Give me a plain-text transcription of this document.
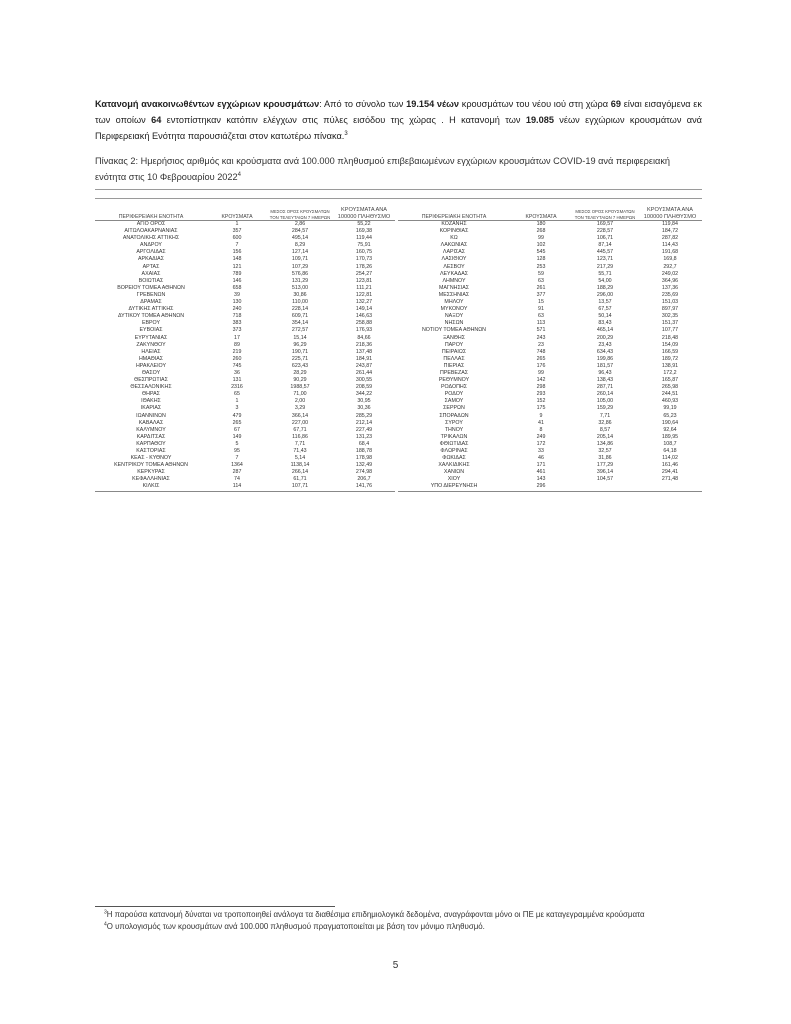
Κατανομή ανακοινωθέντων εγχώριων κρουσμάτων: Από το σύνολο των 19.154 νέων κρουσμάτων του νέου ιού στη χώρα 69 είναι εισαγόμενα εκ των οποίων 64 εντοπίστηκαν κατόπιν ελέγχων στις πύλες εισόδου της χώρας . Η κατανομή των 19.085 νέων εγχώριων κρουσμάτων ανά Περιφερειακή Ενότητα παρουσιάζεται στον κατωτέρω πίνακα.$^3$

Πίνακας 2: Ημερήσιος αριθμός και κρούσματα ανά 100.000 πληθυσμού επιβεβαιωμένων εγχώριων κρουσμάτων COVID-19 ανά περιφερειακή ενότητα στις 10 Φεβρουαρίου 2022$^4$

ΠΕΡΙΦΕΡΕΙΑΚΗ ΕΝΟΤΗΤΑ	ΚΡΟΥΣΜΑΤΑ	ΜΕΣΟΣ ΟΡΟΣ ΚΡΟΥΣΜΑΤΩΝ ΤΟΝ ΤΕΛΕΥΤΑΙΩΝ 7 ΗΜΕΡΩΝ	ΚΡΟΥΣΜΑΤΑ ΑΝΑ 100000 ΠΛΗΘΥΣΜΟ
ΑΓΙΟ ΟΡΟΣ	1	2,86	55,22
ΑΙΤΩΛΟΑΚΑΡΝΑΝΙΑΣ	357	284,57	169,38
ΑΝΑΤΟΛΙΚΗΣ ΑΤΤΙΚΗΣ	600	495,14	119,44
ΑΝΔΡΟΥ	7	8,29	75,91
ΑΡΓΟΛΙΔΑΣ	156	127,14	160,75
ΑΡΚΑΔΙΑΣ	148	109,71	170,73
ΑΡΤΑΣ	121	107,29	178,26
ΑΧΑΪΑΣ	789	576,86	254,27
ΒΟΙΩΤΙΑΣ	146	131,29	123,81
ΒΟΡΕΙΟΥ ΤΟΜΕΑ ΑΘΗΝΩΝ	658	513,00	111,21
ΓΡΕΒΕΝΩΝ	39	30,86	122,81
ΔΡΑΜΑΣ	130	110,00	132,27
ΔΥΤΙΚΗΣ ΑΤΤΙΚΗΣ	240	228,14	149,14
ΔΥΤΙΚΟΥ ΤΟΜΕΑ ΑΘΗΝΩΝ	718	609,71	146,63
ΕΒΡΟΥ	383	354,14	258,88
ΕΥΒΟΙΑΣ	373	272,57	176,93
ΕΥΡΥΤΑΝΙΑΣ	17	15,14	84,66
ΖΑΚΥΝΘΟΥ	89	96,29	218,36
ΗΛΕΙΑΣ	219	190,71	137,48
ΗΜΑΘΙΑΣ	260	225,71	184,91
ΗΡΑΚΛΕΙΟΥ	745	623,43	243,87
ΘΑΣΟΥ	36	28,29	261,44
ΘΕΣΠΡΩΤΙΑΣ	131	90,29	300,55
ΘΕΣΣΑΛΟΝΙΚΗΣ	2316	1988,57	208,59
ΘΗΡΑΣ	65	71,00	344,22
ΙΘΑΚΗΣ	1	2,00	30,95
ΙΚΑΡΙΑΣ	3	3,29	30,36
ΙΩΑΝΝΙΝΩΝ	479	366,14	285,29
ΚΑΒΑΛΑΣ	265	227,00	212,14
ΚΑΛΥΜΝΟΥ	67	67,71	227,49
ΚΑΡΔΙΤΣΑΣ	149	116,86	131,23
ΚΑΡΠΑΘΟΥ	5	7,71	68,4
ΚΑΣΤΟΡΙΑΣ	95	71,43	188,78
ΚΕΑΣ - ΚΥΘΝΟΥ	7	5,14	178,98
ΚΕΝΤΡΙΚΟΥ ΤΟΜΕΑ ΑΘΗΝΩΝ	1364	1138,14	132,49
ΚΕΡΚΥΡΑΣ	287	266,14	274,98
ΚΕΦΑΛΛΗΝΙΑΣ	74	61,71	206,7
ΚΙΛΚΙΣ	114	107,71	141,76
ΠΕΡΙΦΕΡΕΙΑΚΗ ΕΝΟΤΗΤΑ	ΚΡΟΥΣΜΑΤΑ	ΜΕΣΟΣ ΟΡΟΣ ΚΡΟΥΣΜΑΤΩΝ ΤΟΝ ΤΕΛΕΥΤΑΙΩΝ 7 ΗΜΕΡΩΝ	ΚΡΟΥΣΜΑΤΑ ΑΝΑ 100000 ΠΛΗΘΥΣΜΟ
ΚΟΖΑΝΗΣ	180	169,57	119,84
ΚΟΡΙΝΘΙΑΣ	268	228,57	184,72
ΚΩ	99	106,71	287,82
ΛΑΚΩΝΙΑΣ	102	87,14	114,43
ΛΑΡΙΣΑΣ	545	445,57	191,68
ΛΑΣΙΘΙΟΥ	128	123,71	169,8
ΛΕΣΒΟΥ	253	217,29	292,7
ΛΕΥΚΑΔΑΣ	59	55,71	249,02
ΛΗΜΝΟΥ	63	54,00	364,96
ΜΑΓΝΗΣΙΑΣ	261	188,29	137,36
ΜΕΣΣΗΝΙΑΣ	377	296,00	235,69
ΜΗΛΟΥ	15	13,57	151,03
ΜΥΚΟΝΟΥ	91	67,57	897,97
ΝΑΞΟΥ	63	50,14	302,35
ΝΗΣΩΝ	113	83,43	151,37
ΝΟΤΙΟΥ ΤΟΜΕΑ ΑΘΗΝΩΝ	571	465,14	107,77
ΞΑΝΘΗΣ	243	200,29	218,48
ΠΑΡΟΥ	23	23,43	154,09
ΠΕΙΡΑΙΩΣ	748	634,43	166,59
ΠΕΛΛΑΣ	265	199,86	189,72
ΠΙΕΡΙΑΣ	176	181,57	138,91
ΠΡΕΒΕΖΑΣ	99	96,43	172,2
ΡΕΘΥΜΝΟΥ	142	138,43	165,87
ΡΟΔΟΠΗΣ	298	287,71	265,98
ΡΟΔΟΥ	293	260,14	244,51
ΣΑΜΟΥ	152	105,00	460,93
ΣΕΡΡΩΝ	175	159,29	99,19
ΣΠΟΡΑΔΩΝ	9	7,71	65,23
ΣΥΡΟΥ	41	32,86	190,64
ΤΗΝΟΥ	8	8,57	92,64
ΤΡΙΚΑΛΩΝ	249	205,14	189,95
ΦΘΙΩΤΙΔΑΣ	172	134,86	108,7
ΦΛΩΡΙΝΑΣ	33	32,57	64,18
ΦΩΚΙΔΑΣ	46	31,86	114,02
ΧΑΛΚΙΔΙΚΗΣ	171	177,29	161,46
ΧΑΝΙΩΝ	461	396,14	294,41
ΧΙΟΥ	143	104,57	271,48
ΥΠΟ ΔΙΕΡΕΥΝΗΣΗ	296		
$^3$Η παρούσα κατανομή δύναται να τροποποιηθεί ανάλογα τα διαθέσιμα επιδημιολογικά δεδομένα, αναγράφονται μόνο οι ΠΕ με καταγεγραμμένα κρούσματα
$^4$Ο υπολογισμός των κρουσμάτων ανά 100.000 πληθυσμού πραγματοποιείται με βάση τον μόνιμο πληθυσμό.
5
